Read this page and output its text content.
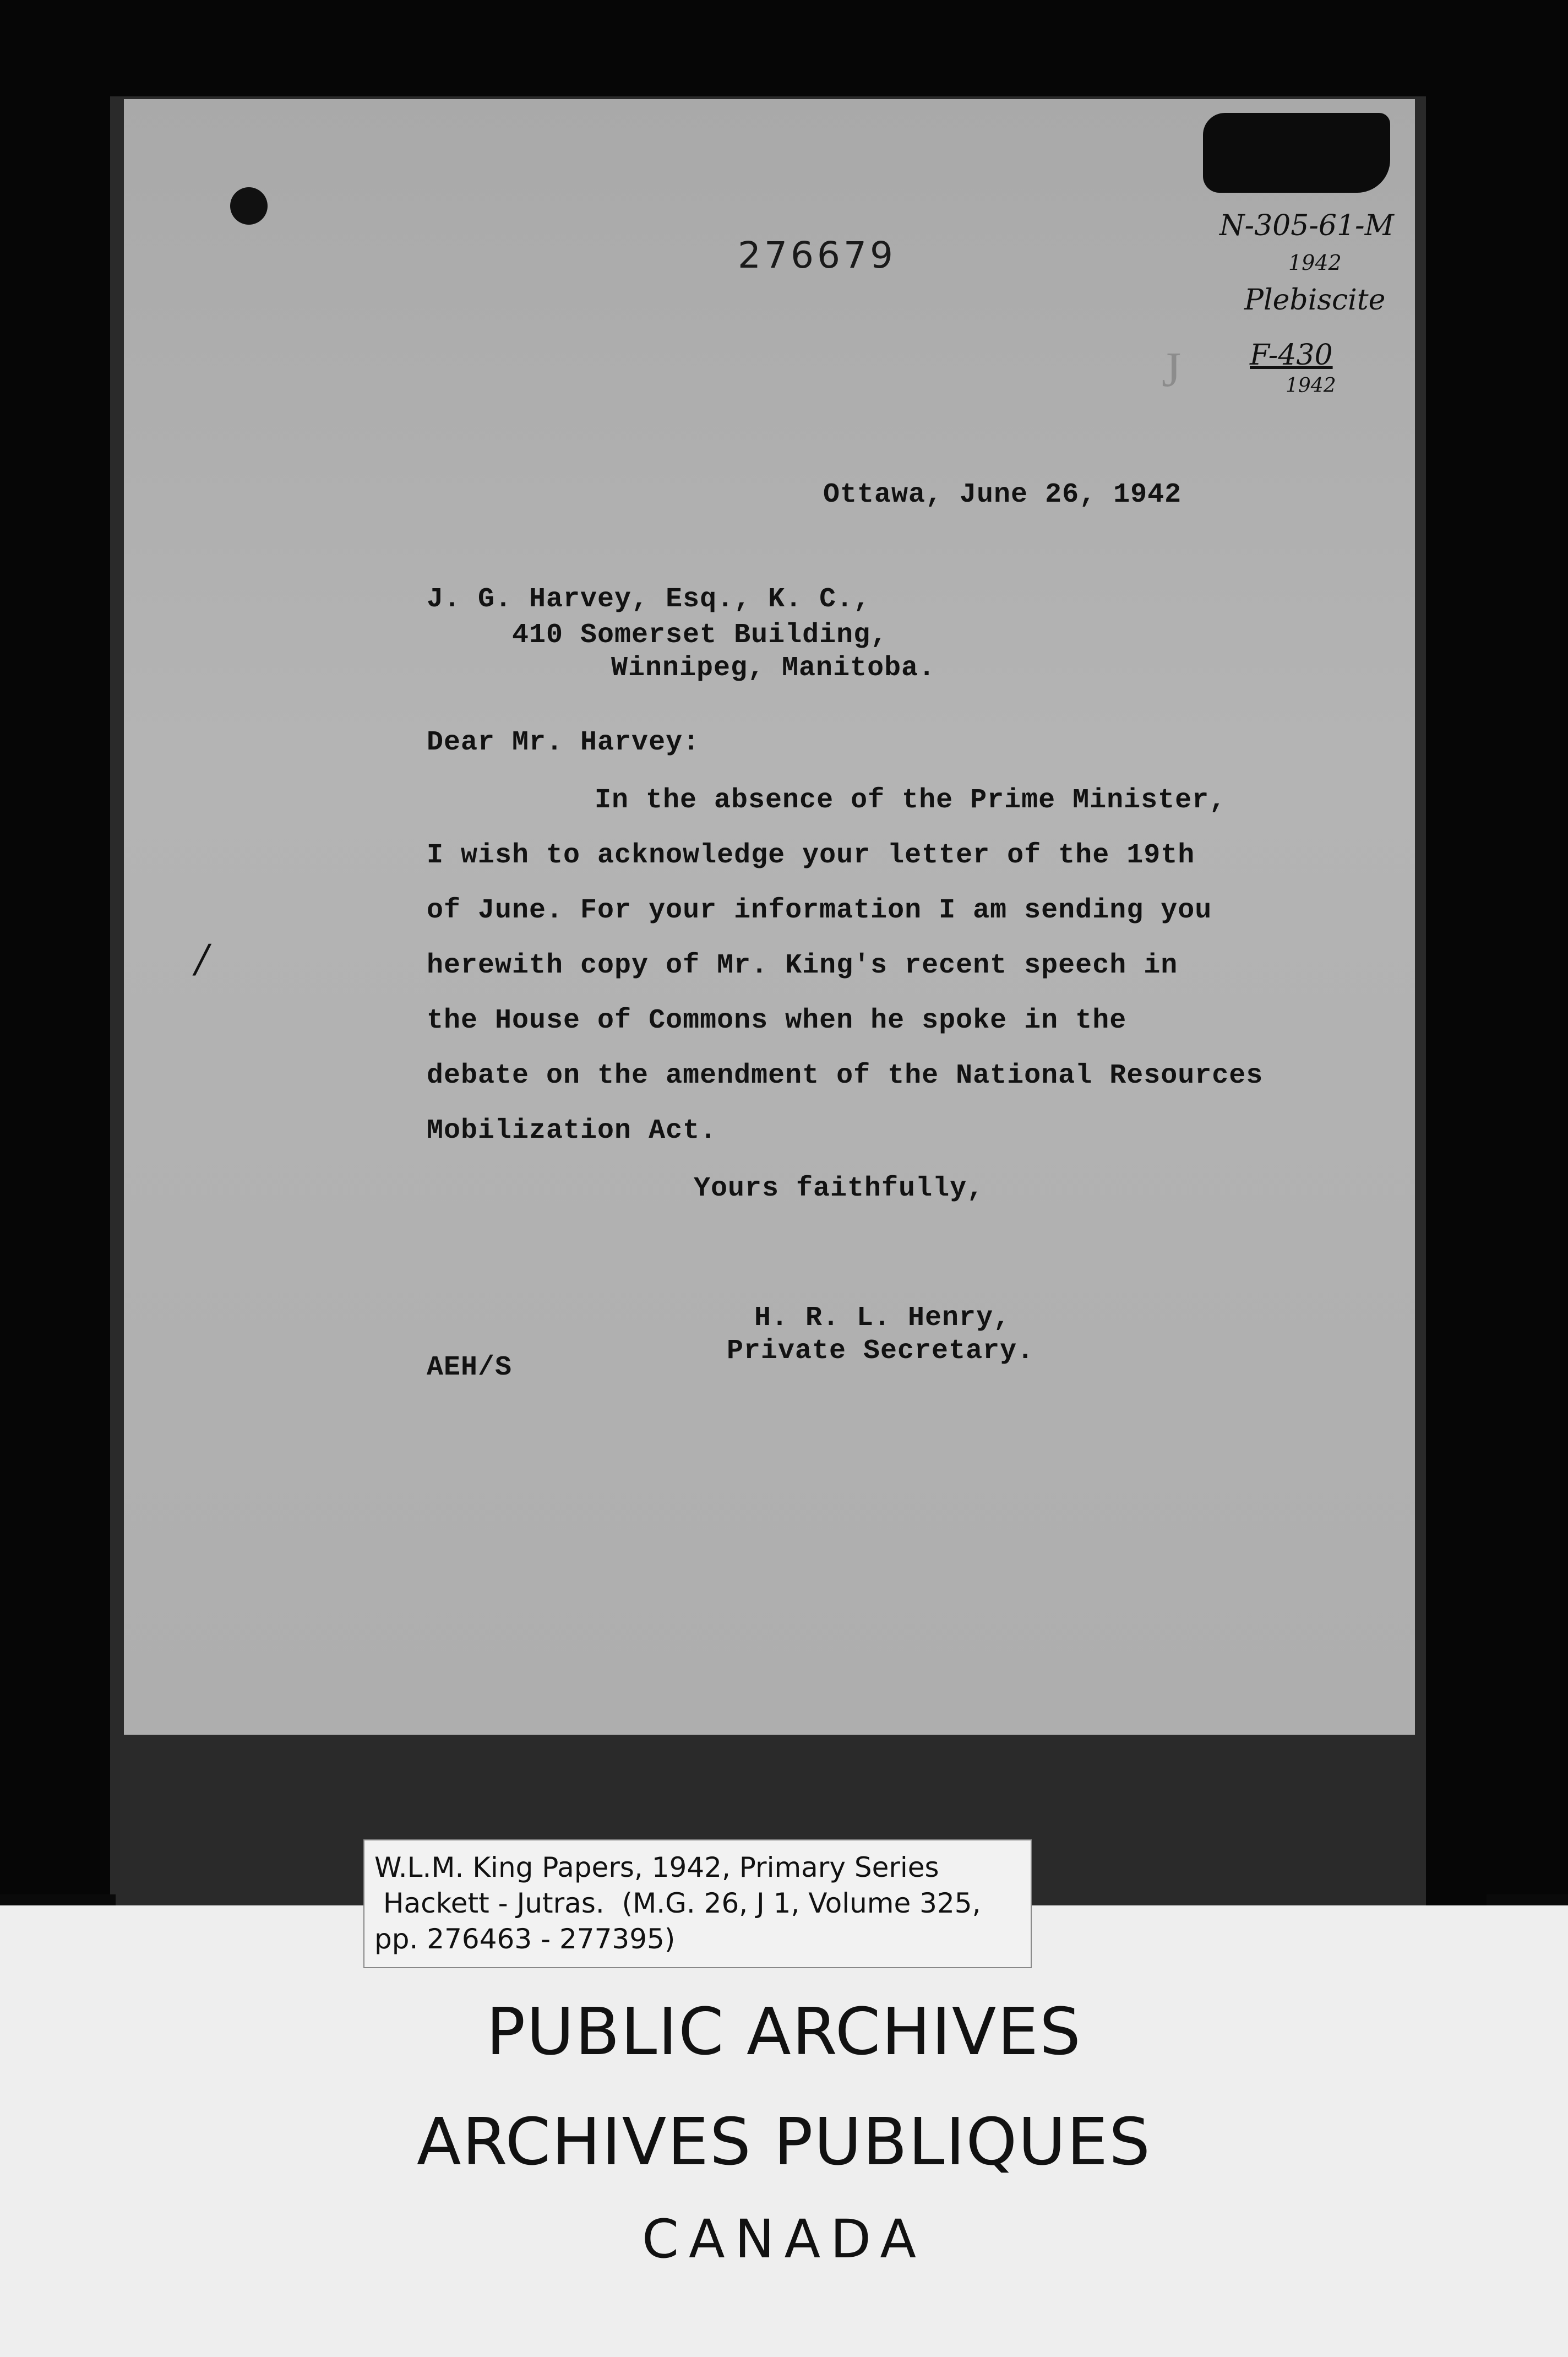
J
276679
N-305-61-M
1942
Plebiscite
F-430
1942
/
Ottawa, June 26, 1942
J. G. Harvey, Esq., K. C.,
410 Somerset Building,
Winnipeg, Manitoba.
Dear Mr. Harvey:
In the absence of the Prime Minister,
I wish to acknowledge your letter of the 19th
of June. For your information I am sending you
herewith copy of Mr. King's recent speech in
the House of Commons when he spoke in the
debate on the amendment of the National Resources
Mobilization Act.
Yours faithfully,
H. R. L. Henry,
Private Secretary.
AEH/S
W.L.M. King Papers, 1942, Primary Series
Hackett - Jutras.  (M.G. 26, J 1, Volume 325,
pp. 276463 - 277395)
PUBLIC ARCHIVES
ARCHIVES PUBLIQUES
CANADA
